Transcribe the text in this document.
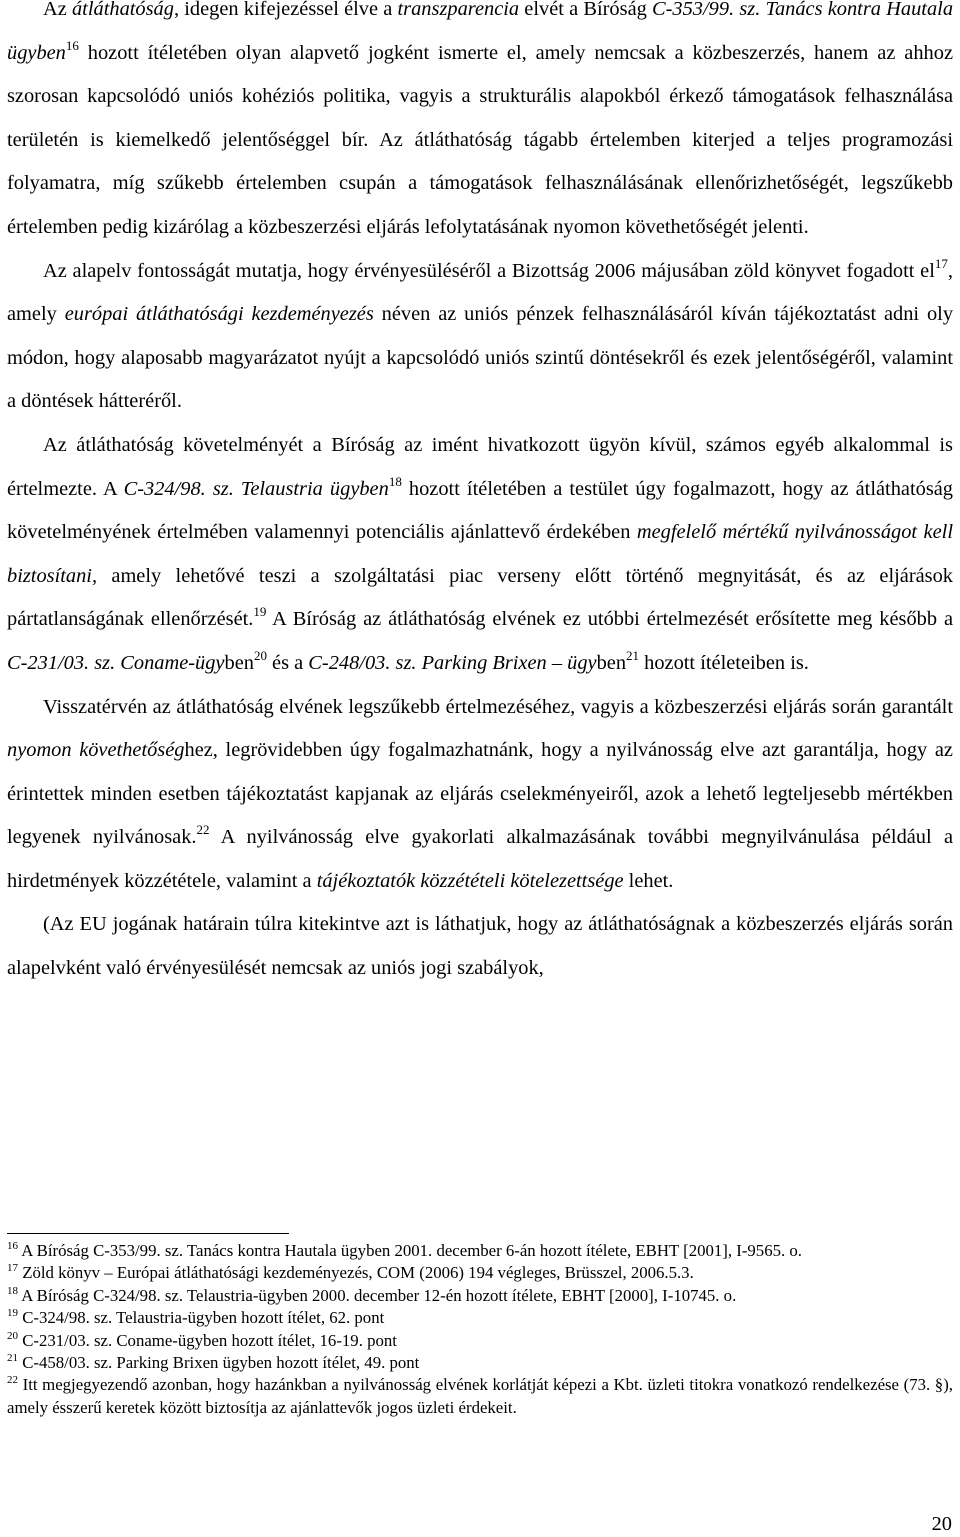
Az átláthatóság, idegen kifejezéssel élve a transzparencia elvét a Bíróság C-353/99. sz. Tanács kontra Hautala ügyben$^{16}$ hozott ítéletében olyan alapvető jogként ismerte el, amely nemcsak a közbeszerzés, hanem az ahhoz szorosan kapcsolódó uniós kohéziós politika, vagyis a strukturális alapokból érkező támogatások felhasználása területén is kiemelkedő jelentőséggel bír. Az átláthatóság tágabb értelemben kiterjed a teljes programozási folyamatra, míg szűkebb értelemben csupán a támogatások felhasználásának ellenőrizhetőségét, legszűkebb értelemben pedig kizárólag a közbeszerzési eljárás lefolytatásának nyomon követhetőségét jelenti.

Az alapelv fontosságát mutatja, hogy érvényesüléséről a Bizottság 2006 májusában zöld könyvet fogadott $el^{17}$, amely európai átláthatósági kezdeményezés néven az uniós pénzek felhasználásáról kíván tájékoztatást adni oly módon, hogy alaposabb magyarázatot nyújt a kapcsolódó uniós szintű döntésekről és ezek jelentőségéről, valamint a döntések hátteréről.

Az átláthatóság követelményét a Bíróság az imént hivatkozott ügyön kívül, számos egyéb alkalommal is értelmezte. A C-324/98. sz. Telaustria ügyben$^{18}$ hozott ítéletében a testület úgy fogalmazott, hogy az átláthatóság követelményének értelmében valamennyi potenciális ajánlattevő érdekében megfelelő mértékű nyilvánosságot kell biztosítani, amely lehetővé teszi a szolgáltatási piac verseny előtt történő megnyitását, és az eljárások pártatlanságának ellenőrzését.$^{19}$ A Bíróság az átláthatóság elvének ez utóbbi értelmezését erősítette meg később a C-231/03. sz. Coname-ügyben$^{20}$ és a C-248/03. sz. Parking Brixen – ügyben$^{21}$ hozott ítéleteiben is.

Visszatérvén az átláthatóság elvének legszűkebb értelmezéséhez, vagyis a közbeszerzési eljárás során garantált nyomon követhetőséghez, legrövidebben úgy fogalmazhatnánk, hogy a nyilvánosság elve azt garantálja, hogy az érintettek minden esetben tájékoztatást kapjanak az eljárás cselekményeiről, azok a lehető legteljesebb mértékben legyenek nyilvánosak.$^{22}$ A nyilvánosság elve gyakorlati alkalmazásának további megnyilvánulása például a hirdetmények közzététele, valamint a tájékoztatók közzétételi kötelezettsége lehet.

(Az EU jogának határain túlra kitekintve azt is láthatjuk, hogy az átláthatóságnak a közbeszerzés eljárás során alapelvként való érvényesülését nemcsak az uniós jogi szabályok,

$^{16}$ A Bíróság C-353/99. sz. Tanács kontra Hautala ügyben 2001. december 6-án hozott ítélete, EBHT [2001], I-9565. o.

$^{17}$ Zöld könyv – Európai átláthatósági kezdeményezés, COM (2006) 194 végleges, Brüsszel, 2006.5.3.

$^{18}$ A Bíróság C-324/98. sz. Telaustria-ügyben 2000. december 12-én hozott ítélete, EBHT [2000], I-10745. o.

$^{19}$ C-324/98. sz. Telaustria-ügyben hozott ítélet, 62. pont

$^{20}$ C-231/03. sz. Coname-ügyben hozott ítélet, 16-19. pont

$^{21}$ C-458/03. sz. Parking Brixen ügyben hozott ítélet, 49. pont

$^{22}$ Itt megjegyezendő azonban, hogy hazánkban a nyilvánosság elvének korlátját képezi a Kbt. üzleti titokra vonatkozó rendelkezése (73. §), amely ésszerű keretek között biztosítja az ajánlattevők jogos üzleti érdekeit.

20
